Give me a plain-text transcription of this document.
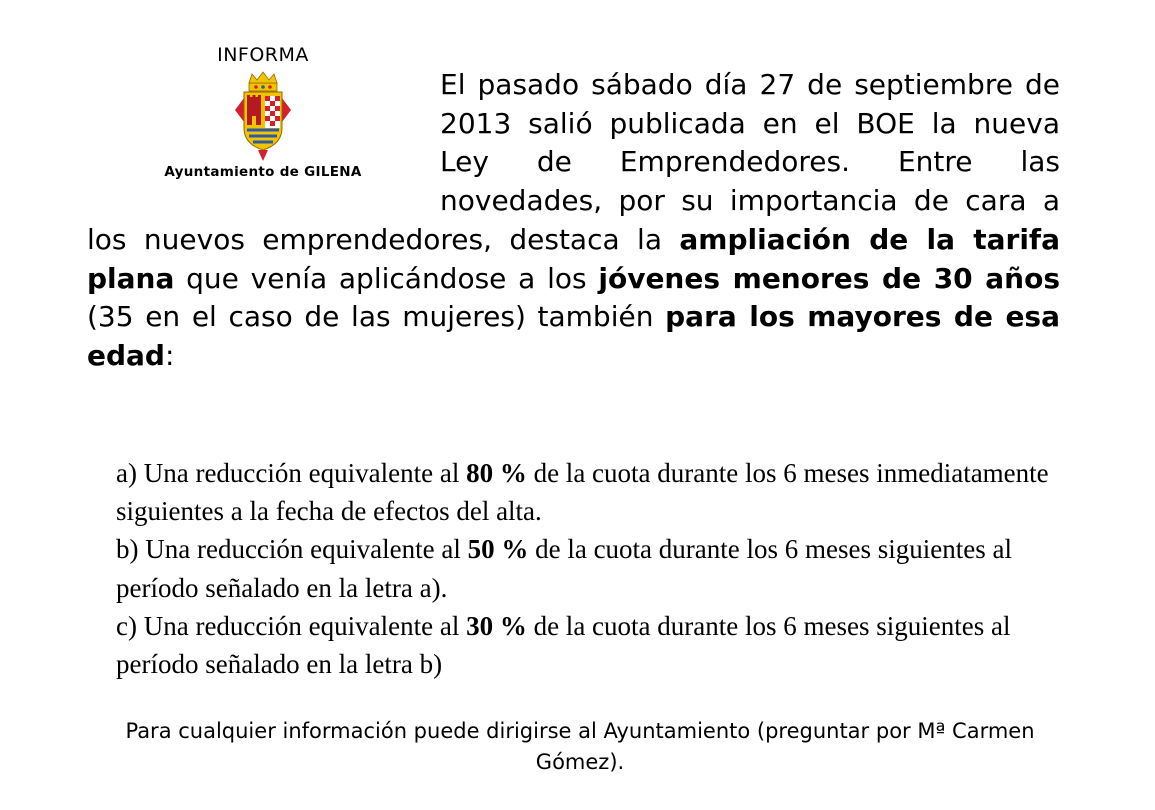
INFORMA
Ayuntamiento de GILENA

El pasado sábado día 27 de septiembre de 2013 salió publicada en el BOE la nueva Ley de Emprendedores. Entre las novedades, por su importancia de cara a los nuevos emprendedores, destaca la ampliación de la tarifa plana que venía aplicándose a los jóvenes menores de 30 años (35 en el caso de las mujeres) también para los mayores de esa edad:

a) Una reducción equivalente al 80 % de la cuota durante los 6 meses inmediatamente siguientes a la fecha de efectos del alta.

b) Una reducción equivalente al 50 % de la cuota durante los 6 meses siguientes al período señalado en la letra a).

c) Una reducción equivalente al 30 % de la cuota durante los 6 meses siguientes al período señalado en la letra b)

Para cualquier información puede dirigirse al Ayuntamiento (preguntar por Mª Carmen Gómez).
